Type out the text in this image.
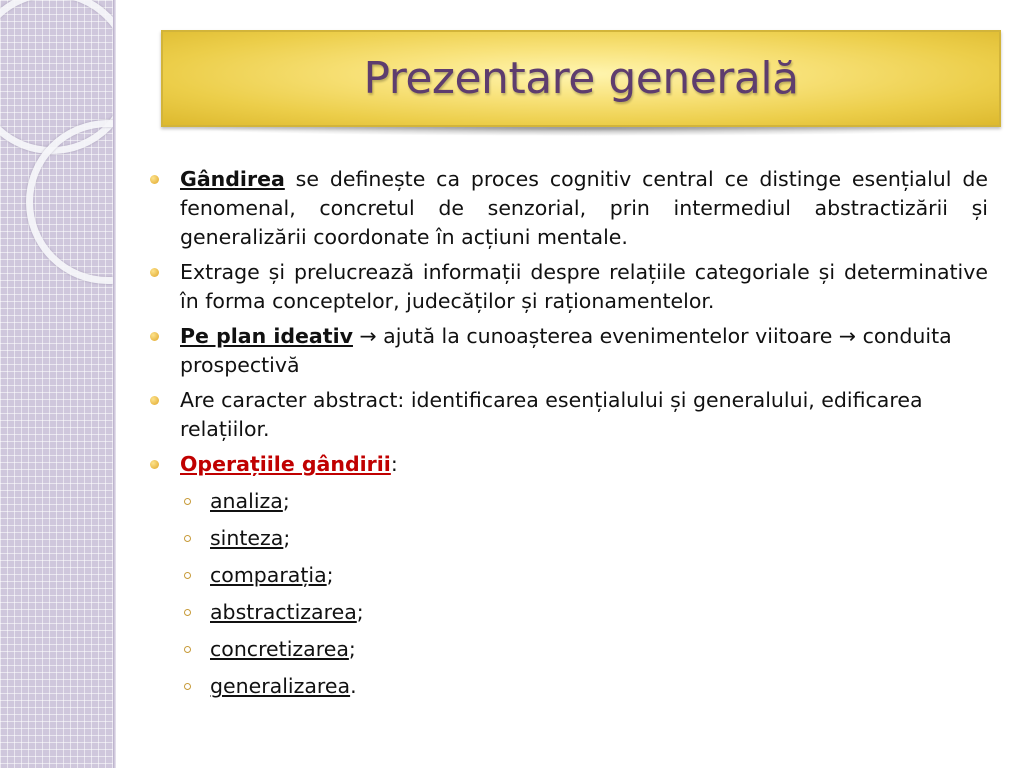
Prezentare generală
Gândirea se definește ca proces cognitiv central ce distinge esențialul de fenomenal, concretul de senzorial, prin intermediul abstractizării și generalizării coordonate în acțiuni mentale.
Extrage și prelucrează informații despre relațiile categoriale și determinative în forma conceptelor, judecăților și raționamentelor.
Pe plan ideativ → ajută la cunoașterea evenimentelor viitoare → conduita prospectivă
Are caracter abstract: identificarea esențialului și generalului, edificarea relațiilor.
Operațiile gândirii:
analiza;
sinteza;
comparația;
abstractizarea;
concretizarea;
generalizarea.
